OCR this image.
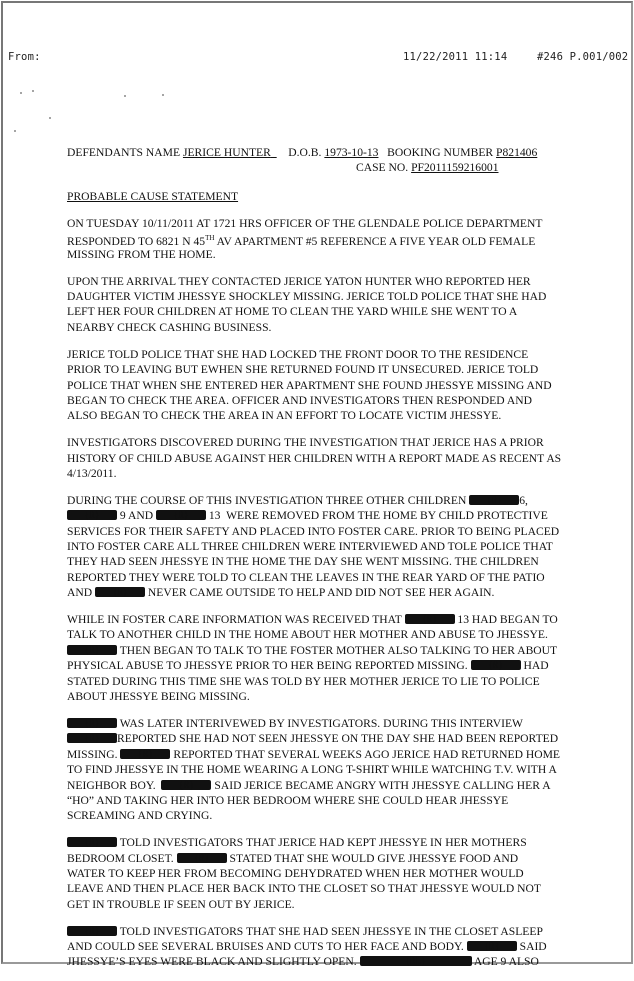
From:	11/22/2011 11:14	#246 P.001/002
DEFENDANTS NAME JERICE HUNTER D.O.B. 1973-10-13 BOOKING NUMBER P821406
CASE NO. PF2011159216001
PROBABLE CAUSE STATEMENT
ON TUESDAY 10/11/2011 AT 1721 HRS OFFICER OF THE GLENDALE POLICE DEPARTMENT
RESPONDED TO 6821 N 45TH AV APARTMENT #5 REFERENCE A FIVE YEAR OLD FEMALE
MISSING FROM THE HOME.
UPON THE ARRIVAL THEY CONTACTED JERICE YATON HUNTER WHO REPORTED HER
DAUGHTER VICTIM JHESSYE SHOCKLEY MISSING. JERICE TOLD POLICE THAT SHE HAD
LEFT HER FOUR CHILDREN AT HOME TO CLEAN THE YARD WHILE SHE WENT TO A
NEARBY CHECK CASHING BUSINESS.
JERICE TOLD POLICE THAT SHE HAD LOCKED THE FRONT DOOR TO THE RESIDENCE
PRIOR TO LEAVING BUT EWHEN SHE RETURNED FOUND IT UNSECURED. JERICE TOLD
POLICE THAT WHEN SHE ENTERED HER APARTMENT SHE FOUND JHESSYE MISSING AND
BEGAN TO CHECK THE AREA. OFFICER AND INVESTIGATORS THEN RESPONDED AND
ALSO BEGAN TO CHECK THE AREA IN AN EFFORT TO LOCATE VICTIM JHESSYE.
INVESTIGATORS DISCOVERED DURING THE INVESTIGATION THAT JERICE HAS A PRIOR
HISTORY OF CHILD ABUSE AGAINST HER CHILDREN WITH A REPORT MADE AS RECENT AS
4/13/2011.
DURING THE COURSE OF THIS INVESTIGATION THREE OTHER CHILDREN {R} 6,
{R} 9 AND {R} 13  WERE REMOVED FROM THE HOME BY CHILD PROTECTIVE
SERVICES FOR THEIR SAFETY AND PLACED INTO FOSTER CARE. PRIOR TO BEING PLACED
INTO FOSTER CARE ALL THREE CHILDREN WERE INTERVIEWED AND TOLE POLICE THAT
THEY HAD SEEN JHESSYE IN THE HOME THE DAY SHE WENT MISSING. THE CHILDREN
REPORTED THEY WERE TOLD TO CLEAN THE LEAVES IN THE REAR YARD OF THE PATIO
AND {R} NEVER CAME OUTSIDE TO HELP AND DID NOT SEE HER AGAIN.
WHILE IN FOSTER CARE INFORMATION WAS RECEIVED THAT {R} 13 HAD BEGAN TO
TALK TO ANOTHER CHILD IN THE HOME ABOUT HER MOTHER AND ABUSE TO JHESSYE.
{R} THEN BEGAN TO TALK TO THE FOSTER MOTHER ALSO TALKING TO HER ABOUT
PHYSICAL ABUSE TO JHESSYE PRIOR TO HER BEING REPORTED MISSING. {R} HAD
STATED DURING THIS TIME SHE WAS TOLD BY HER MOTHER JERICE TO LIE TO POLICE
ABOUT JHESSYE BEING MISSING.
{R} WAS LATER INTERIVEWED BY INVESTIGATORS. DURING THIS INTERVIEW
{R} REPORTED SHE HAD NOT SEEN JHESSYE ON THE DAY SHE HAD BEEN REPORTED
MISSING. {R} REPORTED THAT SEVERAL WEEKS AGO JERICE HAD RETURNED HOME
TO FIND JHESSYE IN THE HOME WEARING A LONG T-SHIRT WHILE WATCHING T.V. WITH A
NEIGHBOR BOY.  {R} SAID JERICE BECAME ANGRY WITH JHESSYE CALLING HER A
“HO” AND TAKING HER INTO HER BEDROOM WHERE SHE COULD HEAR JHESSYE
SCREAMING AND CRYING.
{R} TOLD INVESTIGATORS THAT JERICE HAD KEPT JHESSYE IN HER MOTHERS
BEDROOM CLOSET. {R} STATED THAT SHE WOULD GIVE JHESSYE FOOD AND
WATER TO KEEP HER FROM BECOMING DEHYDRATED WHEN HER MOTHER WOULD
LEAVE AND THEN PLACE HER BACK INTO THE CLOSET SO THAT JHESSYE WOULD NOT
GET IN TROUBLE IF SEEN OUT BY JERICE.
{R} TOLD INVESTIGATORS THAT SHE HAD SEEN JHESSYE IN THE CLOSET ASLEEP
AND COULD SEE SEVERAL BRUISES AND CUTS TO HER FACE AND BODY. {R} SAID
JHESSYE’S EYES WERE BLACK AND SLIGHTLY OPEN.	{RL}	AGE 9 ALSO
